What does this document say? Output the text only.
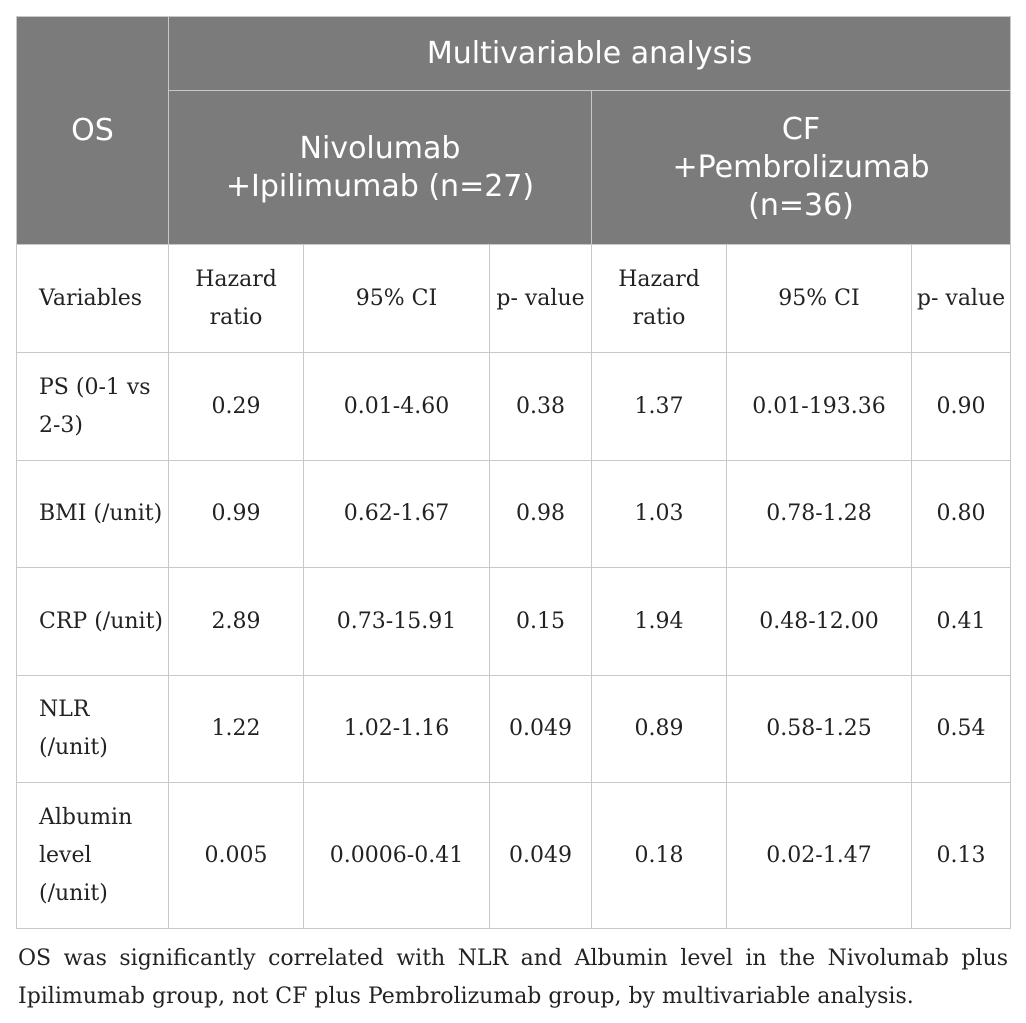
OS	Multivariable analysis					

	Nivolumab +Ipilimumab (n=27)			CF +Pembrolizumab (n=36)		

Variables	Hazard ratio	95% CI	p- value	Hazard ratio	95% CI	p- value
PS (0-1 vs 2-3)	0.29	0.01-4.60	0.38	1.37	0.01-193.36	0.90
BMI (/unit)	0.99	0.62-1.67	0.98	1.03	0.78-1.28	0.80
CRP (/unit)	2.89	0.73-15.91	0.15	1.94	0.48-12.00	0.41
NLR (/unit)	1.22	1.02-1.16	0.049	0.89	0.58-1.25	0.54
Albumin level (/unit)	0.005	0.0006-0.41	0.049	0.18	0.02-1.47	0.13
OS was significantly correlated with NLR and Albumin level in the Nivolumab plus Ipilimumab group, not CF plus Pembrolizumab group, by multivariable analysis.
